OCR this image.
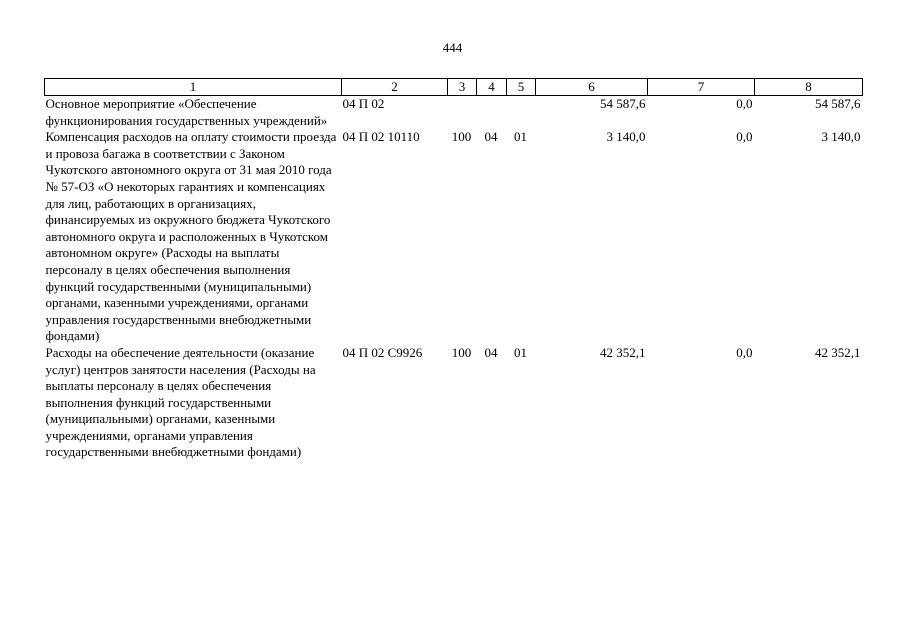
444
1	2	3	4	5	6	7	8
Основное мероприятие «Обеспечение функционирования государственных учреждений»	04 П 02				54 587,6	0,0	54 587,6
Компенсация расходов на оплату стоимости проезда и провоза багажа в соответствии с Законом Чукотского автономного округа от 31 мая 2010 года № 57-ОЗ «О некоторых гарантиях и компенсациях для лиц, работающих в организациях, финансируемых из окружного бюджета Чукотского автономного округа и расположенных в Чукотском автономном округе» (Расходы на выплаты персоналу в целях обеспечения выполнения функций государственными (муниципальными) органами, казенными учреждениями, органами управления государственными внебюджетными фондами)	04 П 02 10110	100	04	01	3 140,0	0,0	3 140,0
Расходы на обеспечение деятельности (оказание услуг) центров занятости населения (Расходы на выплаты персоналу в целях обеспечения выполнения функций государственными (муниципальными) органами, казенными учреждениями, органами управления государственными внебюджетными фондами)	04 П 02 С9926	100	04	01	42 352,1	0,0	42 352,1
